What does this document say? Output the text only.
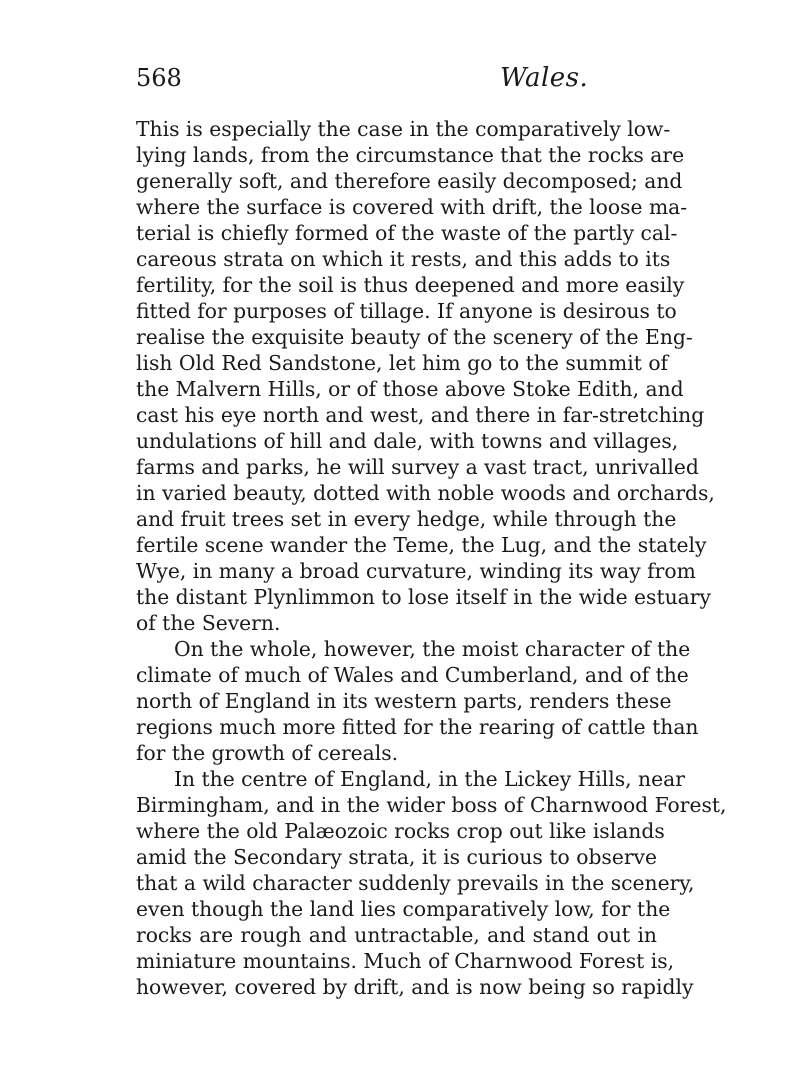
568	Wales.
This is especially the case in the comparatively low-
lying lands, from the circumstance that the rocks are
generally soft, and therefore easily decomposed; and
where the surface is covered with drift, the loose ma-
terial is chiefly formed of the waste of the partly cal-
careous strata on which it rests, and this adds to its
fertility, for the soil is thus deepened and more easily
fitted for purposes of tillage. If anyone is desirous to
realise the exquisite beauty of the scenery of the Eng-
lish Old Red Sandstone, let him go to the summit of
the Malvern Hills, or of those above Stoke Edith, and
cast his eye north and west, and there in far-stretching
undulations of hill and dale, with towns and villages,
farms and parks, he will survey a vast tract, unrivalled
in varied beauty, dotted with noble woods and orchards,
and fruit trees set in every hedge, while through the
fertile scene wander the Teme, the Lug, and the stately
Wye, in many a broad curvature, winding its way from
the distant Plynlimmon to lose itself in the wide estuary
of the Severn.
On the whole, however, the moist character of the
climate of much of Wales and Cumberland, and of the
north of England in its western parts, renders these
regions much more fitted for the rearing of cattle than
for the growth of cereals.
In the centre of England, in the Lickey Hills, near
Birmingham, and in the wider boss of Charnwood Forest,
where the old Palæozoic rocks crop out like islands
amid the Secondary strata, it is curious to observe
that a wild character suddenly prevails in the scenery,
even though the land lies comparatively low, for the
rocks are rough and untractable, and stand out in
miniature mountains. Much of Charnwood Forest is,
however, covered by drift, and is now being so rapidly
